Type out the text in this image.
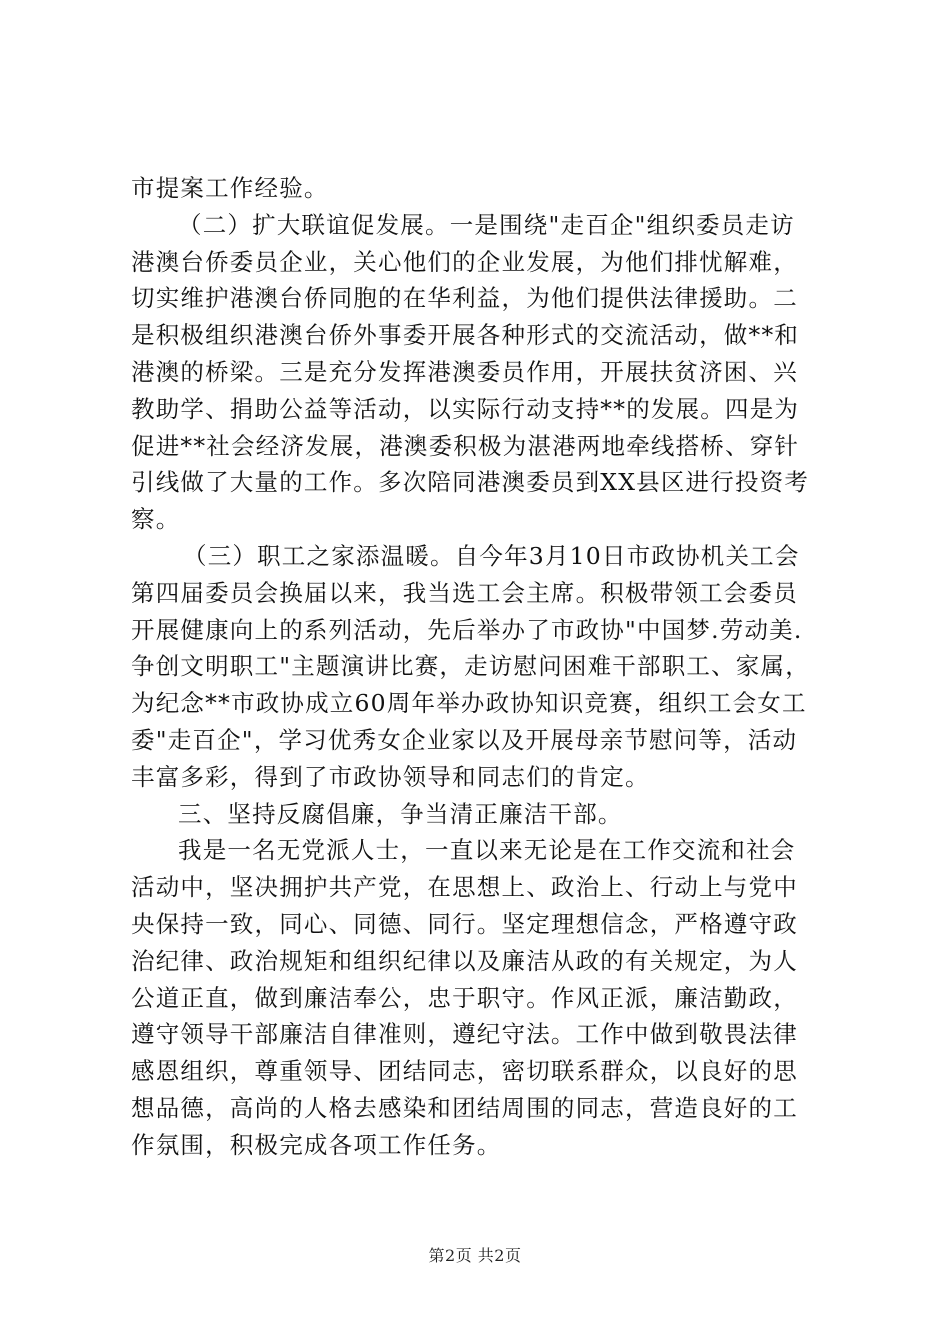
市提案工作经验。
（二）扩大联谊促发展。一是围绕"走百企"组织委员走访
港澳台侨委员企业，关心他们的企业发展，为他们排忧解难，
切实维护港澳台侨同胞的在华利益，为他们提供法律援助。二
是积极组织港澳台侨外事委开展各种形式的交流活动，做**和
港澳的桥梁。三是充分发挥港澳委员作用，开展扶贫济困、兴
教助学、捐助公益等活动，以实际行动支持**的发展。四是为
促进**社会经济发展，港澳委积极为湛港两地牵线搭桥、穿针
引线做了大量的工作。多次陪同港澳委员到XX县区进行投资考
察。
（三）职工之家添温暖。自今年3月10日市政协机关工会
第四届委员会换届以来，我当选工会主席。积极带领工会委员
开展健康向上的系列活动，先后举办了市政协"中国梦.劳动美.
争创文明职工"主题演讲比赛，走访慰问困难干部职工、家属，
为纪念**市政协成立60周年举办政协知识竞赛，组织工会女工
委"走百企"，学习优秀女企业家以及开展母亲节慰问等，活动
丰富多彩，得到了市政协领导和同志们的肯定。
三、坚持反腐倡廉，争当清正廉洁干部。
我是一名无党派人士，一直以来无论是在工作交流和社会
活动中，坚决拥护共产党，在思想上、政治上、行动上与党中
央保持一致，同心、同德、同行。坚定理想信念，严格遵守政
治纪律、政治规矩和组织纪律以及廉洁从政的有关规定，为人
公道正直，做到廉洁奉公，忠于职守。作风正派，廉洁勤政，
遵守领导干部廉洁自律准则，遵纪守法。工作中做到敬畏法律
感恩组织，尊重领导、团结同志，密切联系群众，以良好的思
想品德，高尚的人格去感染和团结周围的同志，营造良好的工
作氛围，积极完成各项工作任务。
第2页 共2页
